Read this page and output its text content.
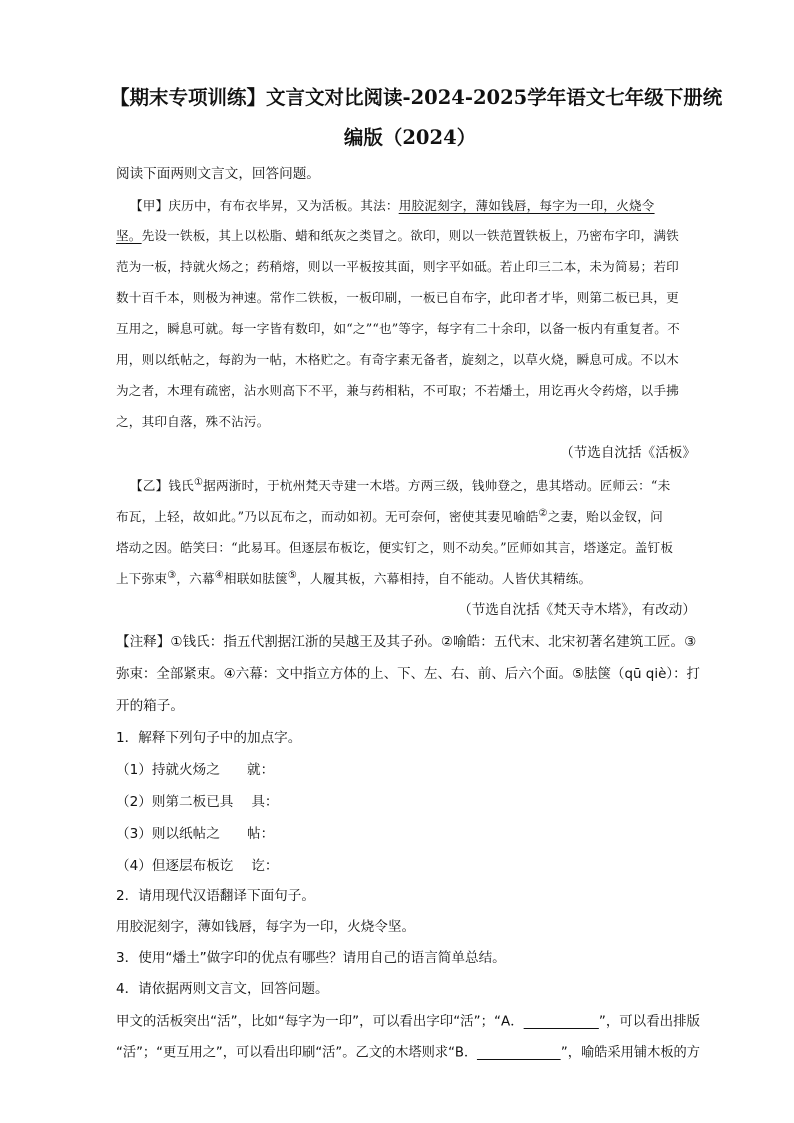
【期末专项训练】文言文对比阅读-2024-2025学年语文七年级下册统
编版（2024）
阅读下面两则文言文，回答问题。
【甲】庆历中，有布衣毕昇，又为活板。其法：用胶泥刻字，薄如钱唇，每字为一印，火烧令
坚。先设一铁板，其上以松脂、蜡和纸灰之类冒之。欲印，则以一铁范置铁板上，乃密布字印，满铁
范为一板，持就火炀之；药稍熔，则以一平板按其面，则字平如砥。若止印三二本，未为简易；若印
数十百千本，则极为神速。常作二铁板，一板印刷，一板已自布字，此印者才毕，则第二板已具，更
互用之，瞬息可就。每一字皆有数印，如“之”“也”等字，每字有二十余印，以备一板内有重复者。不
用，则以纸帖之，每韵为一帖，木格贮之。有奇字素无备者，旋刻之，以草火烧，瞬息可成。不以木
为之者，木理有疏密，沾水则高下不平，兼与药相粘，不可取；不若燔土，用讫再火令药熔，以手拂
之，其印自落，殊不沾污。
（节选自沈括《活板》
【乙】钱氏①据两浙时，于杭州梵天寺建一木塔。方两三级，钱帅登之，患其塔动。匠师云：“未
布瓦，上轻，故如此。”乃以瓦布之，而动如初。无可奈何，密使其妻见喻皓②之妻，贻以金钗，问
塔动之因。皓笑曰：“此易耳。但逐层布板讫，便实钉之，则不动矣。”匠师如其言，塔遂定。盖钉板
上下弥束③，六幕④相联如胠箧⑤，人履其板，六幕相持，自不能动。人皆伏其精练。
（节选自沈括《梵天寺木塔》，有改动）
【注释】①钱氏：指五代割据江浙的吴越王及其子孙。②喻皓：五代末、北宋初著名建筑工匠。③
弥束：全部紧束。④六幕：文中指立方体的上、下、左、右、前、后六个面。⑤胠箧（qū qiè）：打
开的箱子。
1．解释下列句子中的加点字。
（1）持就火炀之　　就：
（2）则第二板已具　 具：
（3）则以纸帖之　　帖：
（4）但逐层布板讫　 讫：
2．请用现代汉语翻译下面句子。
用胶泥刻字，薄如钱唇，每字为一印，火烧令坚。
3．使用“燔土”做字印的优点有哪些？请用自己的语言简单总结。
4．请依据两则文言文，回答问题。
甲文的活板突出“活”，比如“每字为一印”，可以看出字印“活”；“A．	”，可以看出排版
“活”；“更互用之”，可以看出印刷“活”。乙文的木塔则求“B．	”，喻皓采用铺木板的方
